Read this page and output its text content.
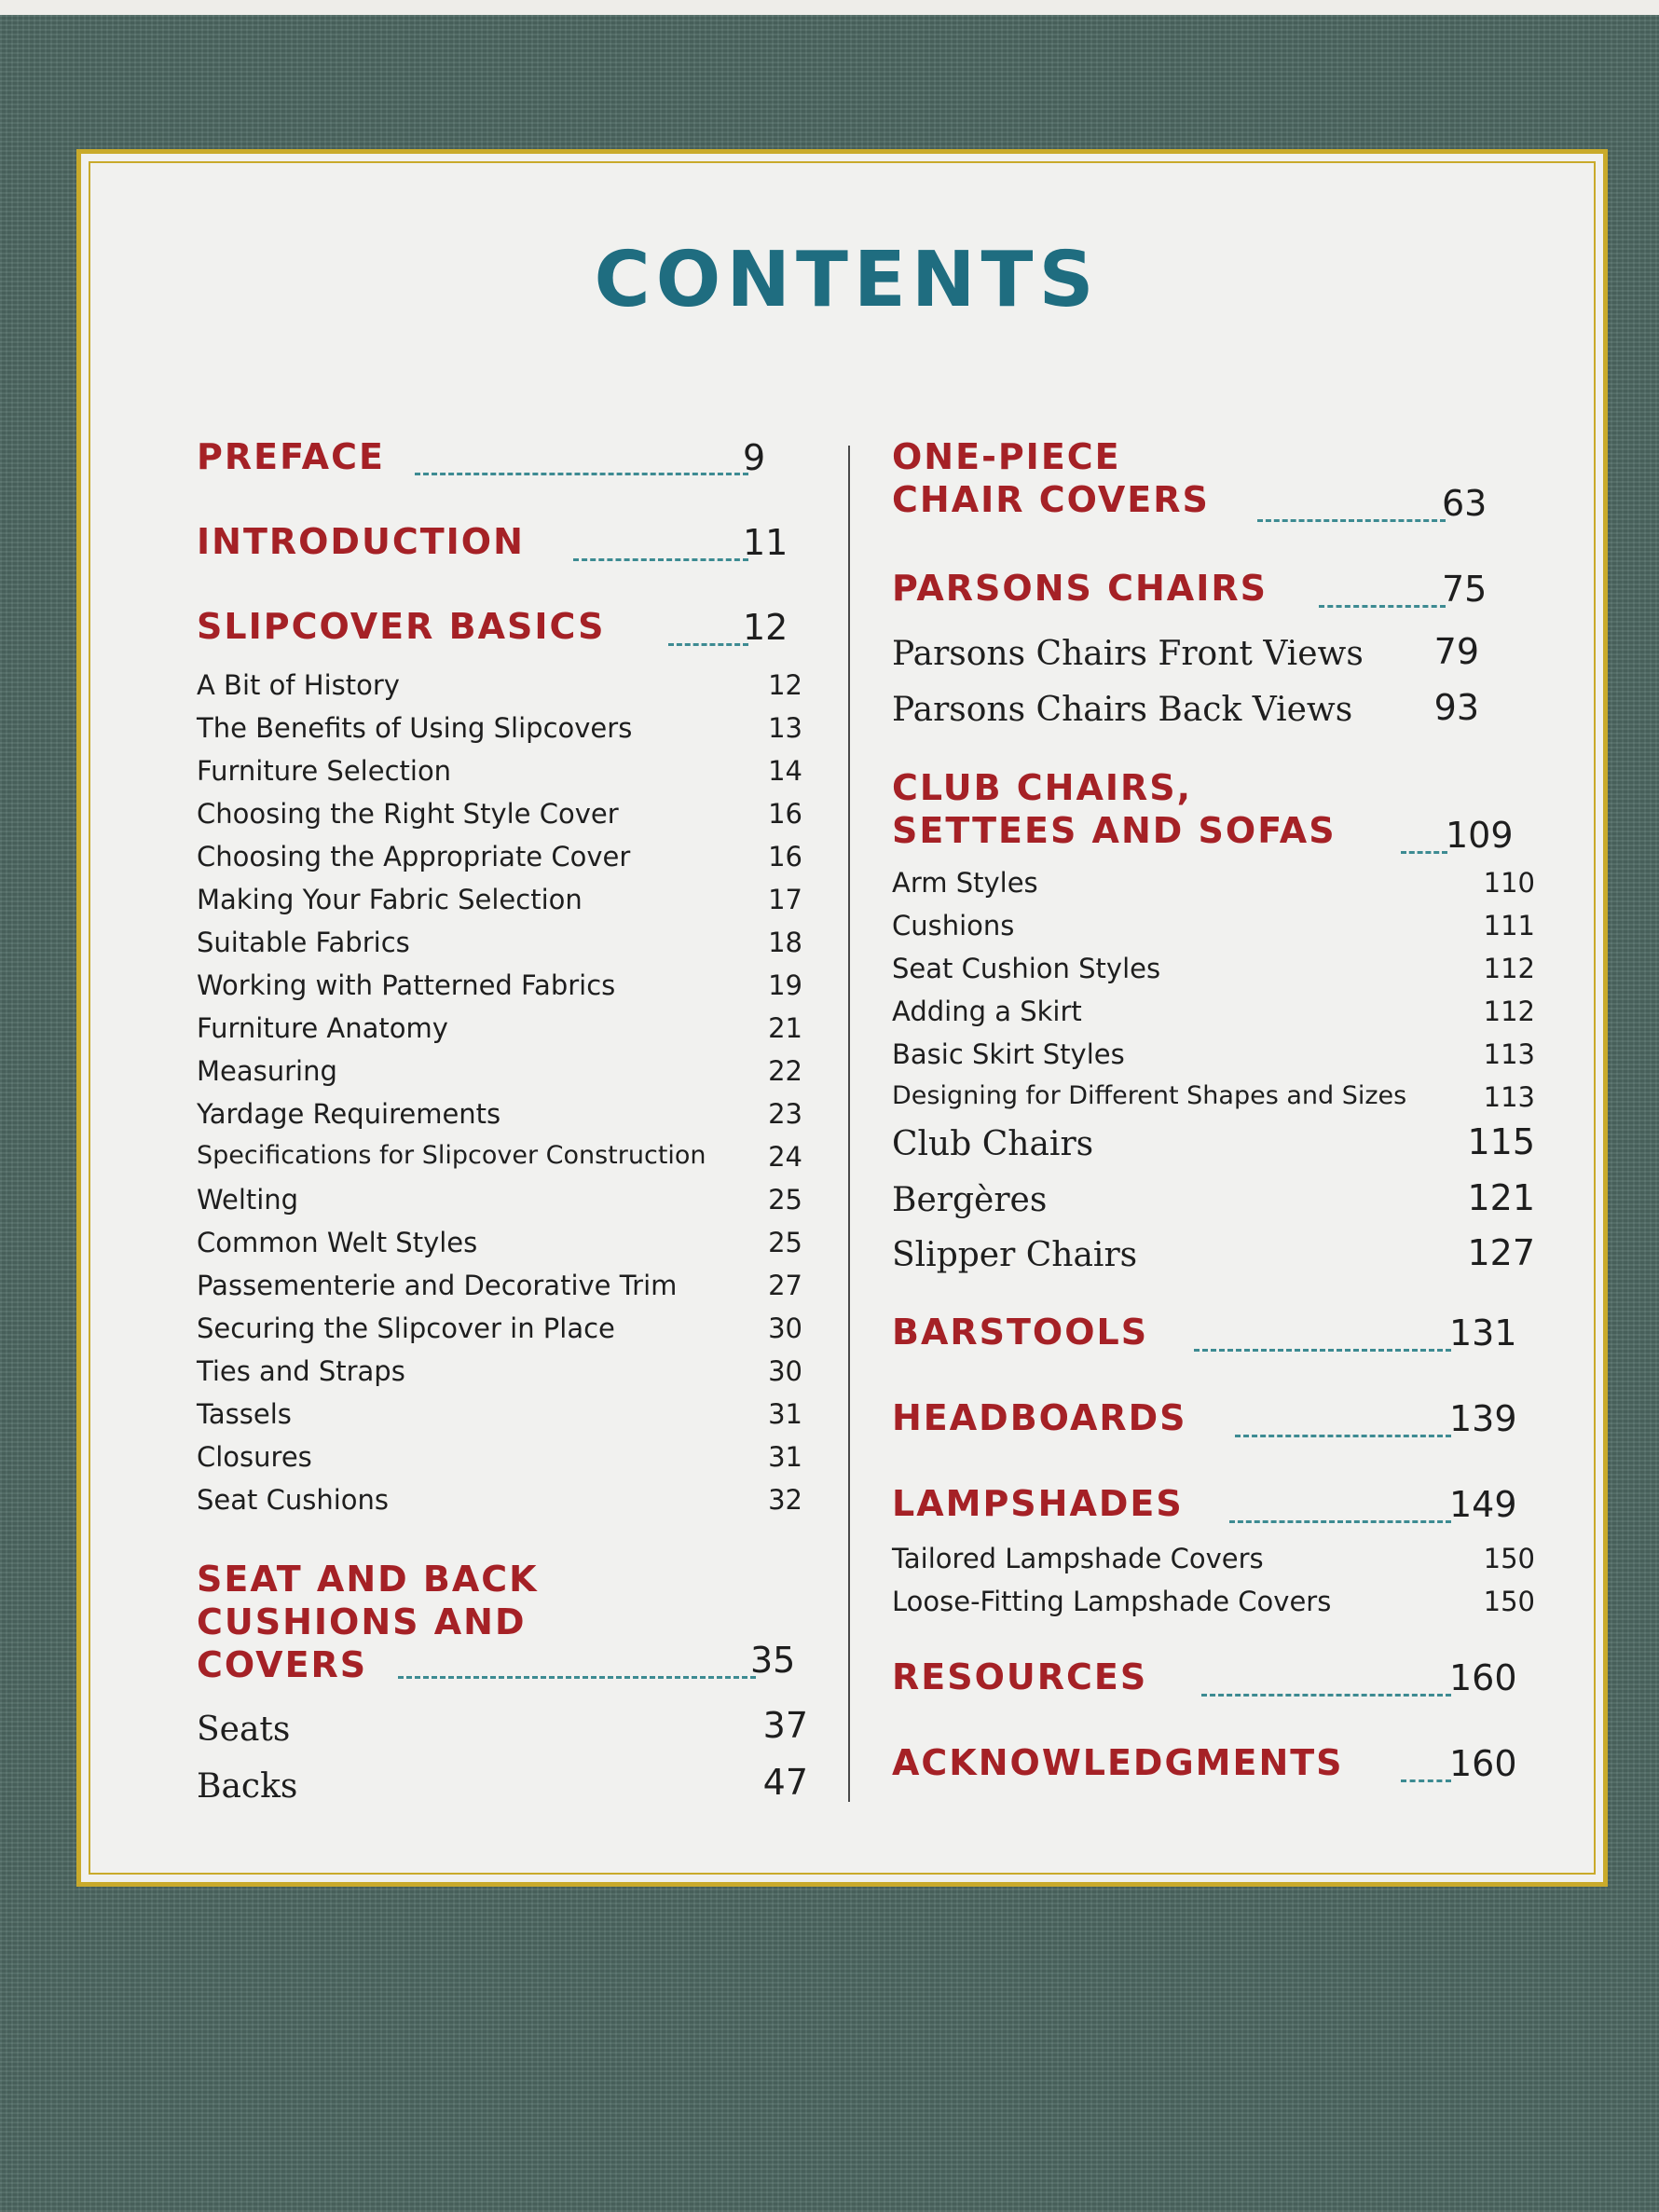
CONTENTS
PREFACE	9
INTRODUCTION	11
SLIPCOVER BASICS	12
A Bit of History	12
The Benefits of Using Slipcovers	13
Furniture Selection	14
Choosing the Right Style Cover	16
Choosing the Appropriate Cover	16
Making Your Fabric Selection	17
Suitable Fabrics	18
Working with Patterned Fabrics	19
Furniture Anatomy	21
Measuring	22
Yardage Requirements	23
Specifications for Slipcover Construction 24
Welting	25
Common Welt Styles	25
Passementerie and Decorative Trim	27
Securing the Slipcover in Place	30
Ties and Straps	30
Tassels	31
Closures	31
Seat Cushions	32
SEAT AND BACK
CUSHIONS AND
COVERS	35
Seats	37
Backs	47
ONE-PIECE
CHAIR COVERS	63
PARSONS CHAIRS	75
Parsons Chairs Front Views	79
Parsons Chairs Back Views	93
CLUB CHAIRS,
SETTEES AND SOFAS	109
Arm Styles	110
Cushions	111
Seat Cushion Styles	112
Adding a Skirt	112
Basic Skirt Styles	113
Designing for Different Shapes and Sizes	113
Club Chairs	115
Bergères	121
Slipper Chairs	127
BARSTOOLS	131
HEADBOARDS	139
LAMPSHADES	149
Tailored Lampshade Covers	150
Loose-Fitting Lampshade Covers	150
RESOURCES	160
ACKNOWLEDGMENTS	160
